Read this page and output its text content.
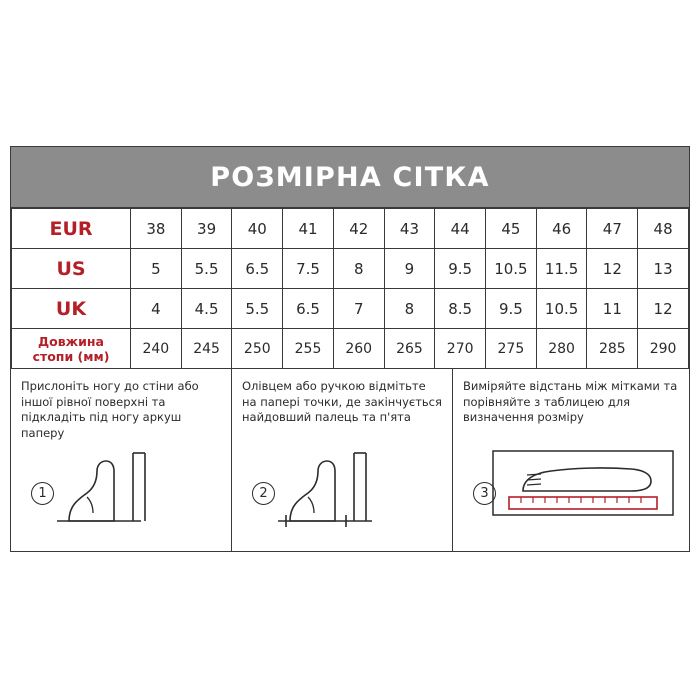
РОЗМІРНА СІТКА
EUR	38	39	40	41	42	43	44	45	46	47	48
US	5	5.5	6.5	7.5	8	9	9.5	10.5	11.5	12	13
UK	4	4.5	5.5	6.5	7	8	8.5	9.5	10.5	11	12
Довжина
стопи (мм)	240	245	250	255	260	265	270	275	280	285	290
Прислоніть ногу до стіни або іншої рівної поверхні та підкладіть під ногу аркуш паперу
1
Олівцем або ручкою відмітьте на папері точки, де закінчується найдовший палець та п'ята
2
Виміряйте відстань між мітками та порівняйте з таблицею для визначення розміру
3
